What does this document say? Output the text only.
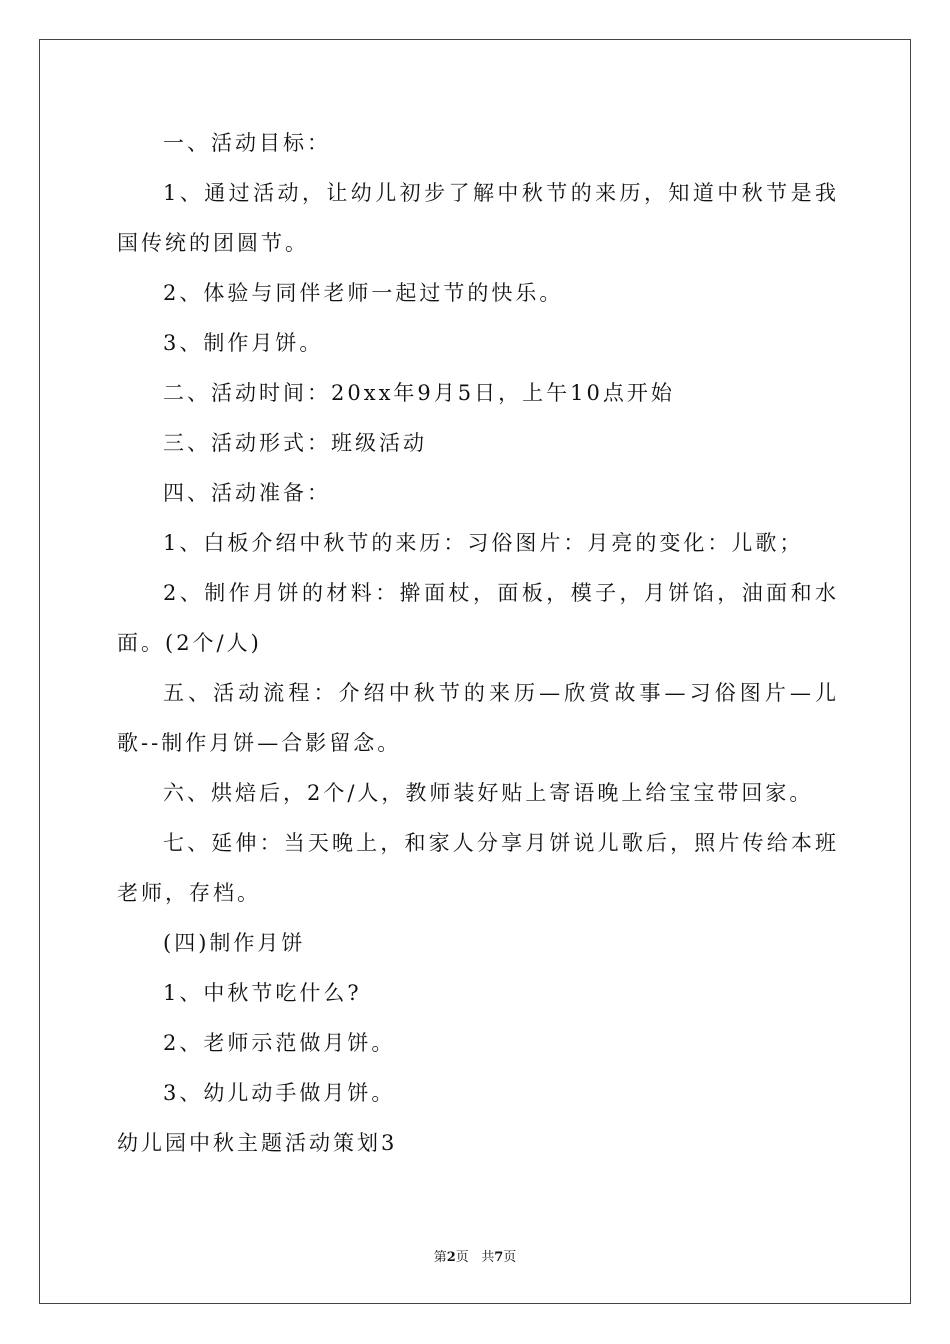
一、活动目标：

1、通过活动，让幼儿初步了解中秋节的来历，知道中秋节是我国传统的团圆节。

2、体验与同伴老师一起过节的快乐。

3、制作月饼。

二、活动时间：20xx年9月5日，上午10点开始

三、活动形式：班级活动

四、活动准备：

1、白板介绍中秋节的来历：习俗图片：月亮的变化：儿歌；

2、制作月饼的材料：擀面杖，面板，模子，月饼馅，油面和水面。(2个/人)

五、活动流程：介绍中秋节的来历—欣赏故事—习俗图片—儿歌--制作月饼—合影留念。

六、烘焙后，2个/人，教师装好贴上寄语晚上给宝宝带回家。

七、延伸：当天晚上，和家人分享月饼说儿歌后，照片传给本班老师，存档。

(四)制作月饼

1、中秋节吃什么?

2、老师示范做月饼。

3、幼儿动手做月饼。

幼儿园中秋主题活动策划3

第2页 共7页
